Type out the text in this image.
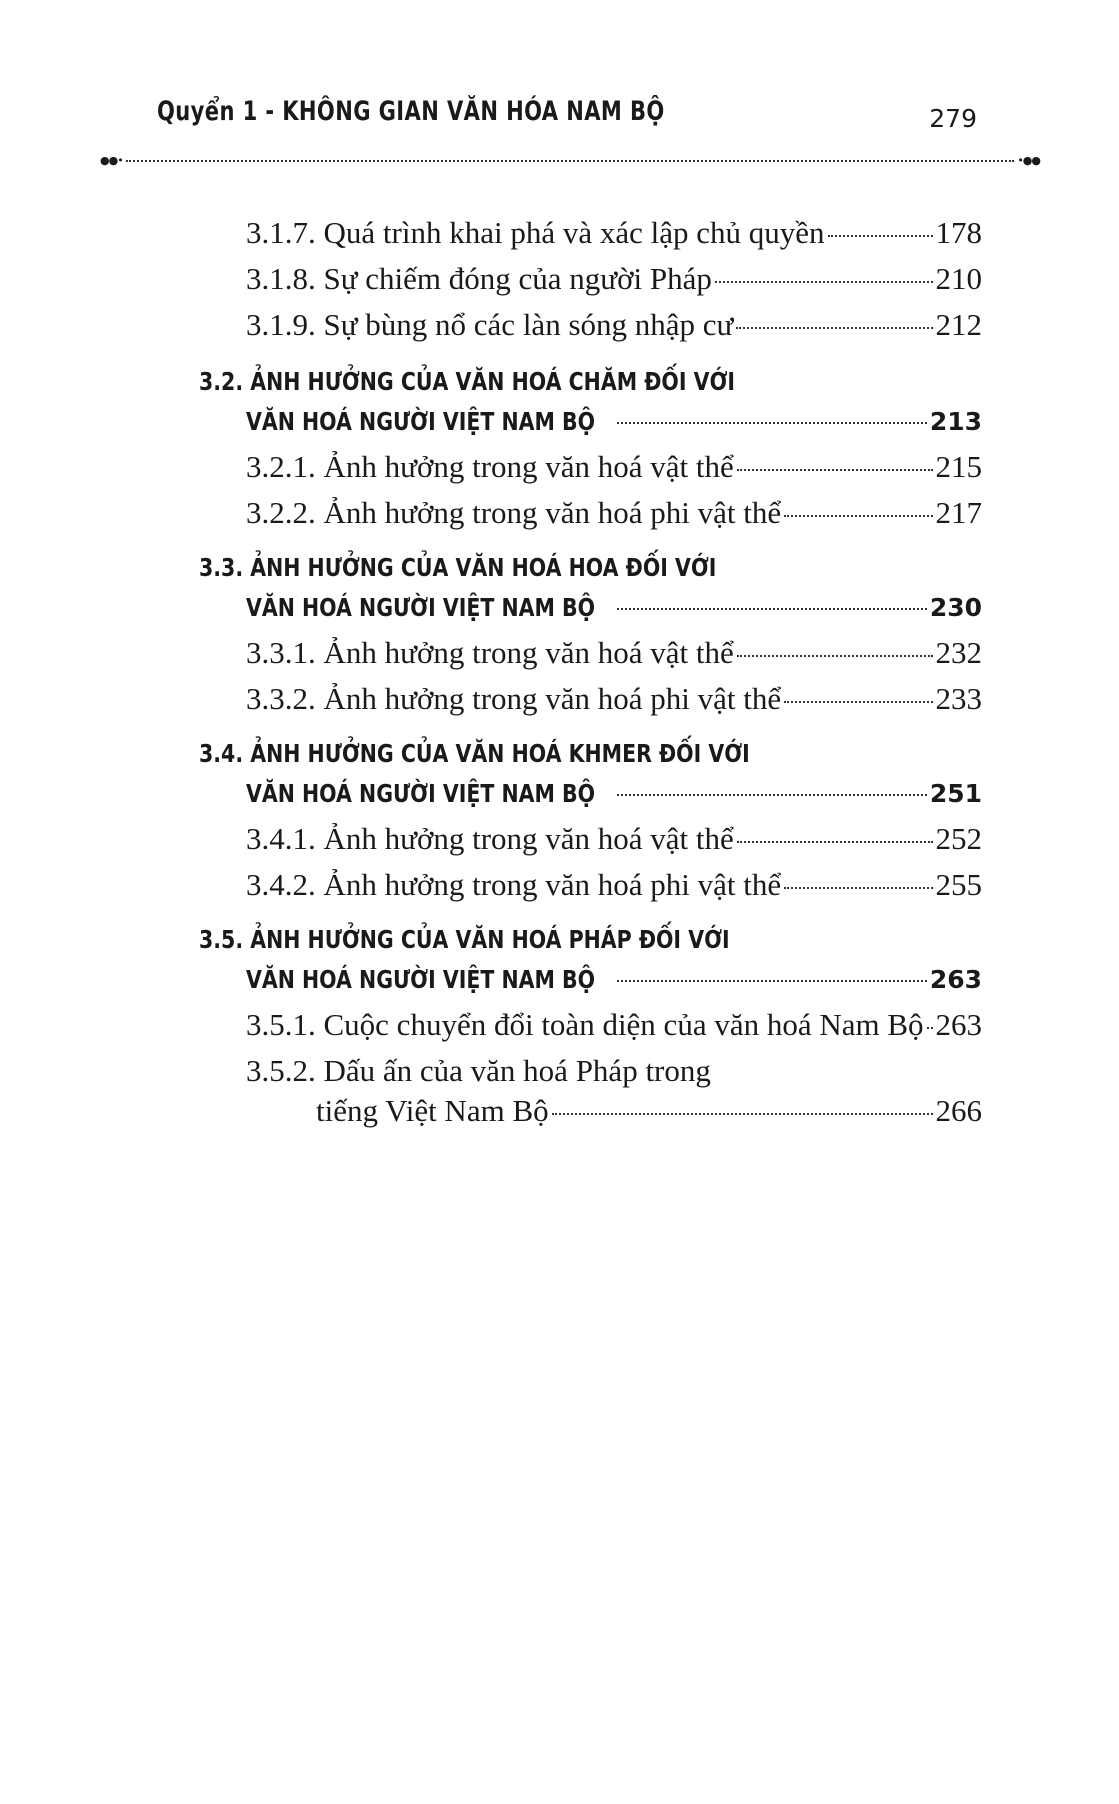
Quyển 1 - KHÔNG GIAN VĂN HÓA NAM BỘ	279
●●•	•●●
3.1.7. Quá trình khai phá và xác lập chủ quyền	178
3.1.8. Sự chiếm đóng của người Pháp	210
3.1.9. Sự bùng nổ các làn sóng nhập cư	212
3.2. ẢNH HƯỞNG CỦA VĂN HOÁ CHĂM ĐỐI VỚI
VĂN HOÁ NGƯỜI VIỆT NAM BỘ	213
3.2.1. Ảnh hưởng trong văn hoá vật thể	215
3.2.2. Ảnh hưởng trong văn hoá phi vật thể	217
3.3. ẢNH HƯỞNG CỦA VĂN HOÁ HOA ĐỐI VỚI
VĂN HOÁ NGƯỜI VIỆT NAM BỘ	230
3.3.1. Ảnh hưởng trong văn hoá vật thể	232
3.3.2. Ảnh hưởng trong văn hoá phi vật thể	233
3.4. ẢNH HƯỞNG CỦA VĂN HOÁ KHMER ĐỐI VỚI
VĂN HOÁ NGƯỜI VIỆT NAM BỘ	251
3.4.1. Ảnh hưởng trong văn hoá vật thể	252
3.4.2. Ảnh hưởng trong văn hoá phi vật thể	255
3.5. ẢNH HƯỞNG CỦA VĂN HOÁ PHÁP ĐỐI VỚI
VĂN HOÁ NGƯỜI VIỆT NAM BỘ	263
3.5.1. Cuộc chuyển đổi toàn diện của văn hoá Nam Bộ 263
3.5.2. Dấu ấn của văn hoá Pháp trong
tiếng Việt Nam Bộ	266
